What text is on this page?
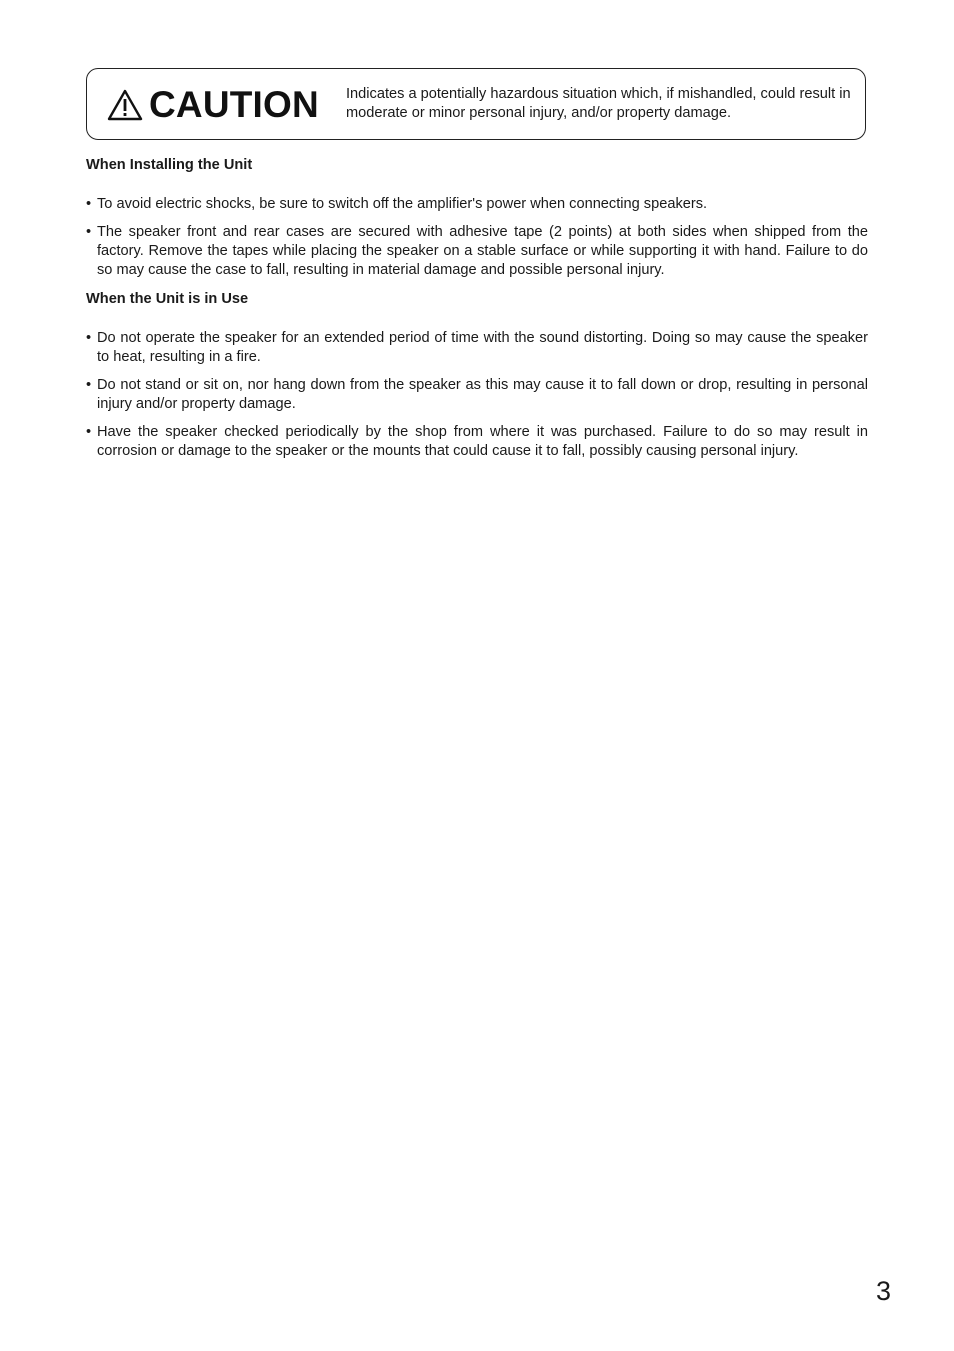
CAUTION Indicates a potentially hazardous situation which, if mishandled, could result in moderate or minor personal injury, and/or property damage.
When Installing the Unit
• To avoid electric shocks, be sure to switch off the amplifier's power when connecting speakers.
• The speaker front and rear cases are secured with adhesive tape (2 points) at both sides when shipped from the factory. Remove the tapes while placing the speaker on a stable surface or while supporting it with hand. Failure to do so may cause the case to fall, resulting in material damage and possible personal injury.
When the Unit is in Use
• Do not operate the speaker for an extended period of time with the sound distorting. Doing so may cause the speaker to heat, resulting in a fire.
• Do not stand or sit on, nor hang down from the speaker as this may cause it to fall down or drop, resulting in personal injury and/or property damage.
• Have the speaker checked periodically by the shop from where it was purchased. Failure to do so may result in corrosion or damage to the speaker or the mounts that could cause it to fall, possibly causing personal injury.
3
